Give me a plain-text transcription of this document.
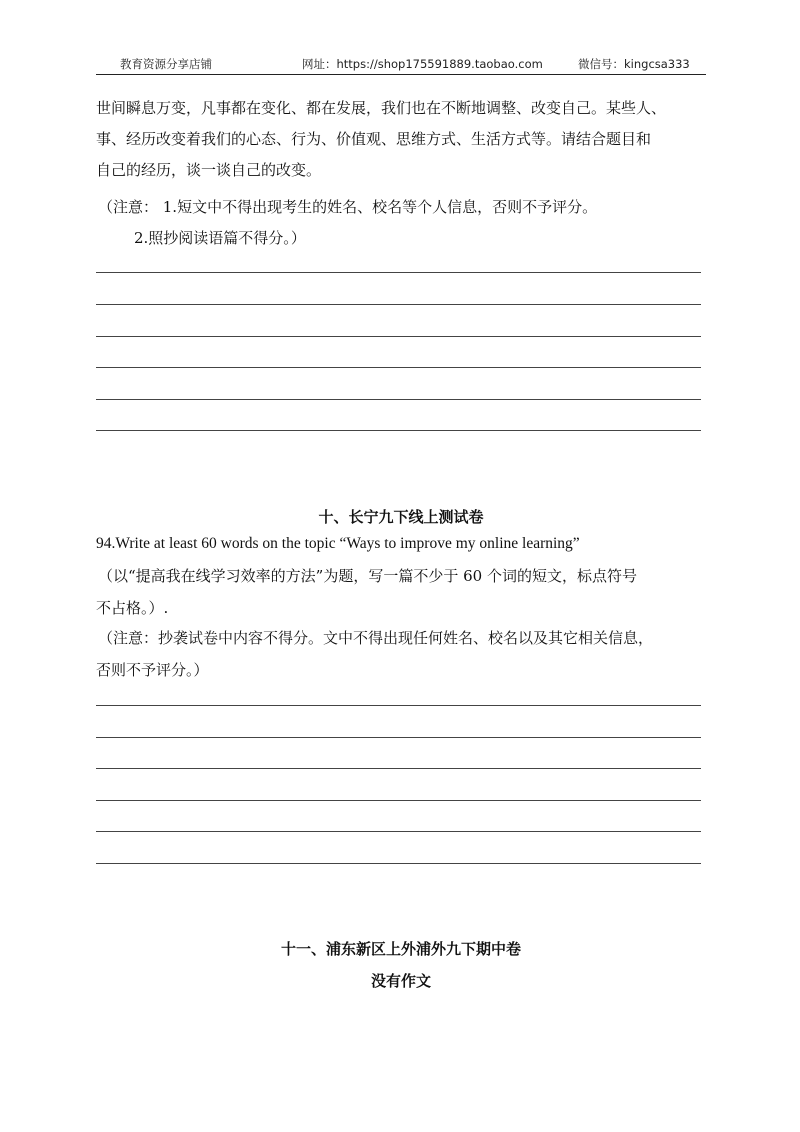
教育资源分享店铺	网址：https://shop175591889.taobao.com	微信号：kingcsa333
世间瞬息万变，凡事都在变化、都在发展，我们也在不断地调整、改变自己。某些人、
事、经历改变着我们的心态、行为、价值观、思维方式、生活方式等。请结合题目和
自己的经历，谈一谈自己的改变。
（注意： 1.短文中不得出现考生的姓名、校名等个人信息，否则不予评分。
2.照抄阅读语篇不得分。）
十、长宁九下线上测试卷
94.Write at least 60 words on the topic “Ways to improve my online learning”
（以“提高我在线学习效率的方法”为题，写一篇不少于 60 个词的短文，标点符号
不占格。）.
（注意：抄袭试卷中内容不得分。文中不得出现任何姓名、校名以及其它相关信息，
否则不予评分。）
十一、浦东新区上外浦外九下期中卷
没有作文
